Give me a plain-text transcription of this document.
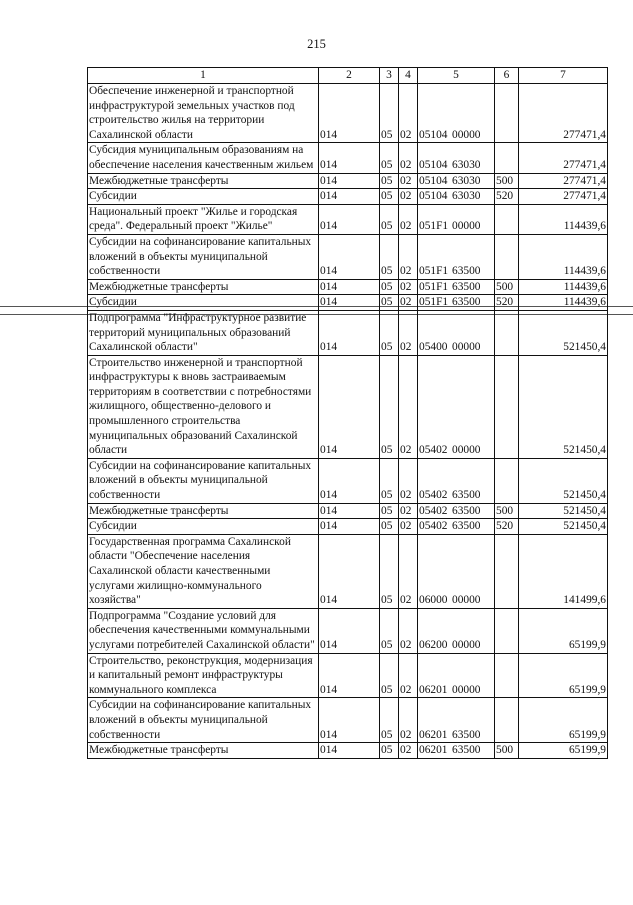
215
1	2	3	4	5	6	7
Обеспечение инженерной и транспортной инфраструктурой земельных участков под строительство жилья на территории Сахалинской области	014	05	02	05104 00000		277471,4
Субсидия муниципальным образованиям на обеспечение населения качественным жильем	014	05	02	05104 63030		277471,4
Межбюджетные трансферты	014	05	02	05104 63030	500	277471,4
Субсидии	014	05	02	05104 63030	520	277471,4
Национальный проект "Жилье и городская среда". Федеральный проект "Жилье"	014	05	02	051F1 00000		114439,6
Субсидии на софинансирование капитальных вложений в объекты муниципальной собственности	014	05	02	051F1 63500		114439,6
Межбюджетные трансферты	014	05	02	051F1 63500	500	114439,6
Субсидии	014	05	02	051F1 63500	520	114439,6
Подпрограмма "Инфраструктурное развитие территорий муниципальных образований Сахалинской области"	014	05	02	05400 00000		521450,4
Строительство инженерной и транспортной инфраструктуры к вновь застраиваемым территориям в соответствии с потребностями жилищного, общественно-делового и промышленного строительства муниципальных образований Сахалинской области	014	05	02	05402 00000		521450,4
Субсидии на софинансирование капитальных вложений в объекты муниципальной собственности	014	05	02	05402 63500		521450,4
Межбюджетные трансферты	014	05	02	05402 63500	500	521450,4
Субсидии	014	05	02	05402 63500	520	521450,4
Государственная программа Сахалинской области "Обеспечение населения Сахалинской области качественными услугами жилищно-коммунального хозяйства"	014	05	02	06000 00000		141499,6
Подпрограмма "Создание условий для обеспечения качественными коммунальными услугами потребителей Сахалинской области"	014	05	02	06200 00000		65199,9
Строительство, реконструкция, модернизация и капитальный ремонт инфраструктуры коммунального комплекса	014	05	02	06201 00000		65199,9
Субсидии на софинансирование капитальных вложений в объекты муниципальной собственности	014	05	02	06201 63500		65199,9
Межбюджетные трансферты	014	05	02	06201 63500	500	65199,9
